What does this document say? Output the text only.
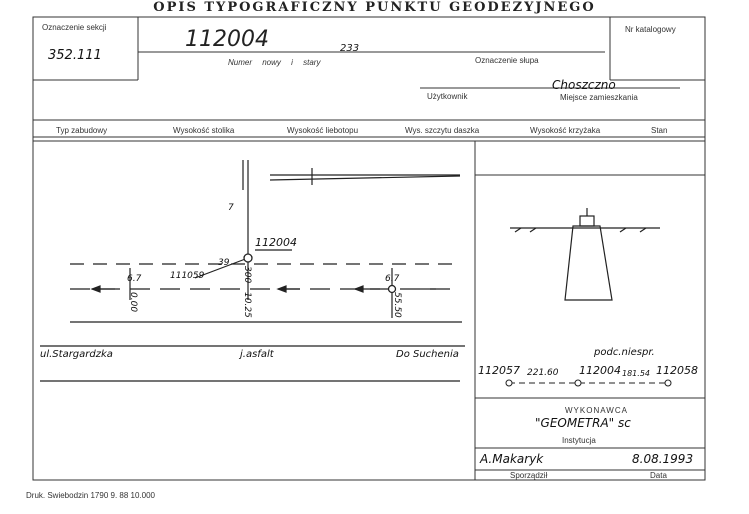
OPIS TYPOGRAFICZNY PUNKTU GEODEZYJNEGO
Oznaczenie sekcji
352.111
Nr katalogowy
112004	233
Numer nowy i stary	Oznaczenie słupa
Choszczno
Użytkownik	Miejsce zamieszkania
Typ zabudowy	Wysokość stolika	Wysokość liebotopu	Wys. szczytu daszka	Wysokość krzyżaka	Stan
112004
111059
39
300
10.25
6.7
0.00
6.7
55.50
7
ul.Stargardzka	j.asfalt	Do Suchenia	podc.niespr.
112057 221.60 112004 181.54 112058
WYKONAWCA
"GEOMETRA" sc
Instytucja
A.Makaryk	8.08.1993
Sporządził	Data
Druk. Swiebodzin 1790 9. 88 10.000
